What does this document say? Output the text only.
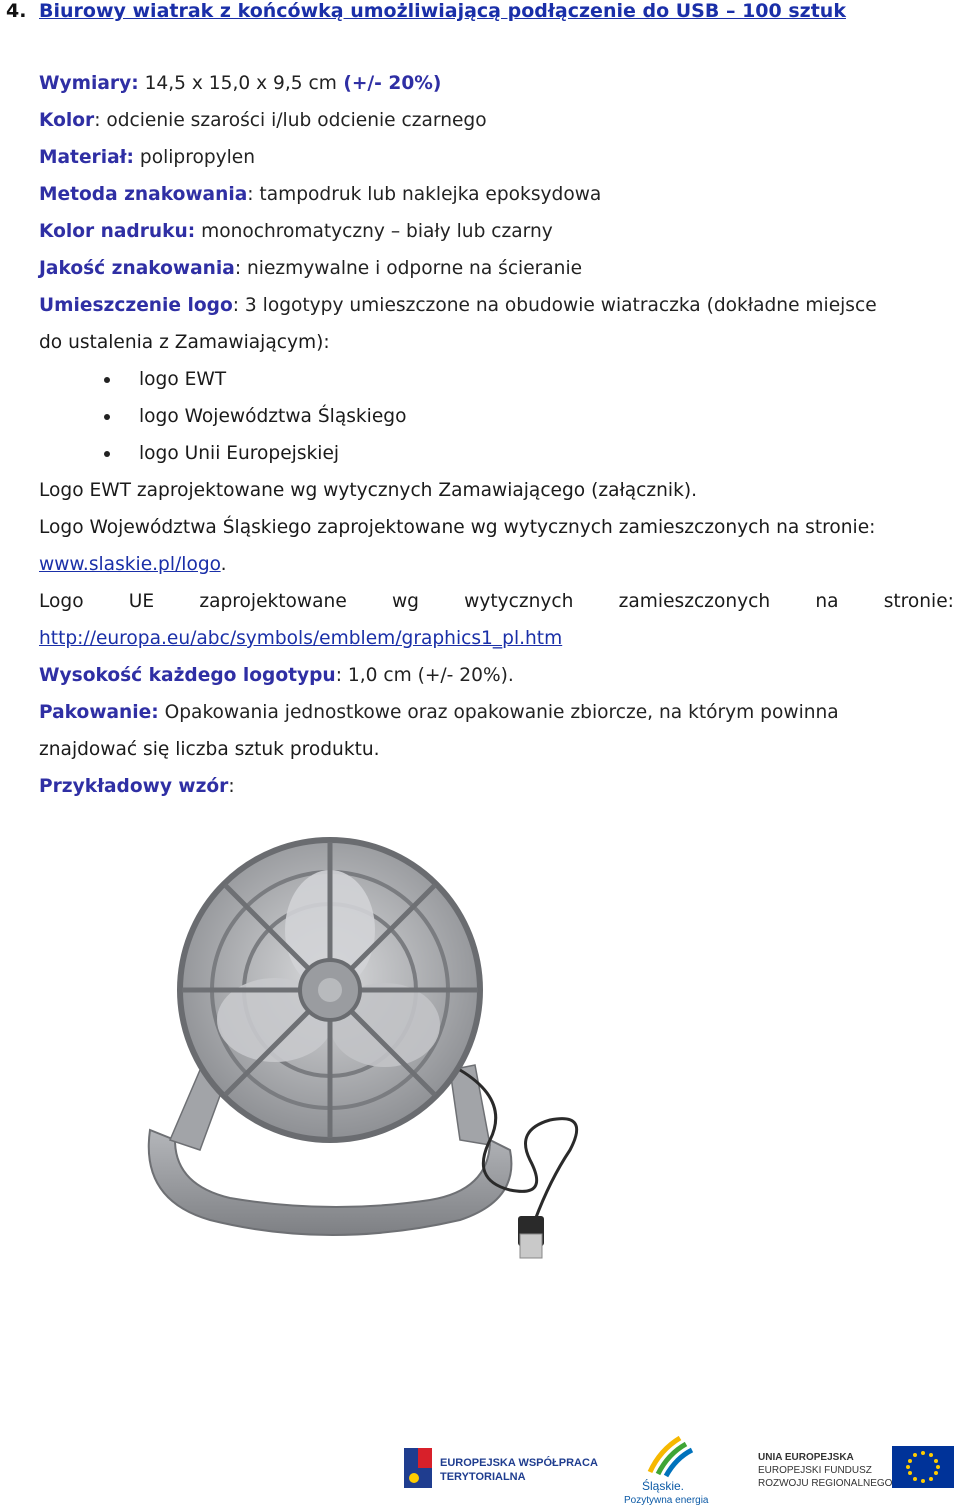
4. Biurowy wiatrak z końcówką umożliwiającą podłączenie do USB – 100 sztuk
Wymiary: 14,5 x 15,0 x 9,5 cm (+/- 20%)
Kolor: odcienie szarości i/lub odcienie czarnego
Materiał: polipropylen
Metoda znakowania: tampodruk lub naklejka epoksydowa
Kolor nadruku: monochromatyczny – biały lub czarny
Jakość znakowania: niezmywalne i odporne na ścieranie
Umieszczenie logo: 3 logotypy umieszczone na obudowie wiatraczka (dokładne miejsce
do ustalenia z Zamawiającym):
logo EWT
logo Województwa Śląskiego
logo Unii Europejskiej
Logo EWT zaprojektowane wg wytycznych Zamawiającego (załącznik).
Logo Województwa Śląskiego zaprojektowane wg wytycznych zamieszczonych na stronie:
www.slaskie.pl/logo.
Logo UE zaprojektowane wg wytycznych zamieszczonych na stronie:
http://europa.eu/abc/symbols/emblem/graphics1_pl.htm
Wysokość każdego logotypu: 1,0 cm (+/- 20%).
Pakowanie: Opakowania jednostkowe oraz opakowanie zbiorcze, na którym powinna
znajdować się liczba sztuk produktu.
Przykładowy wzór:
EUROPEJSKA WSPÓŁPRACA
TERYTORIALNA
Śląskie.
Pozytywna energia
UNIA EUROPEJSKA
EUROPEJSKI FUNDUSZ
ROZWOJU REGIONALNEGO
